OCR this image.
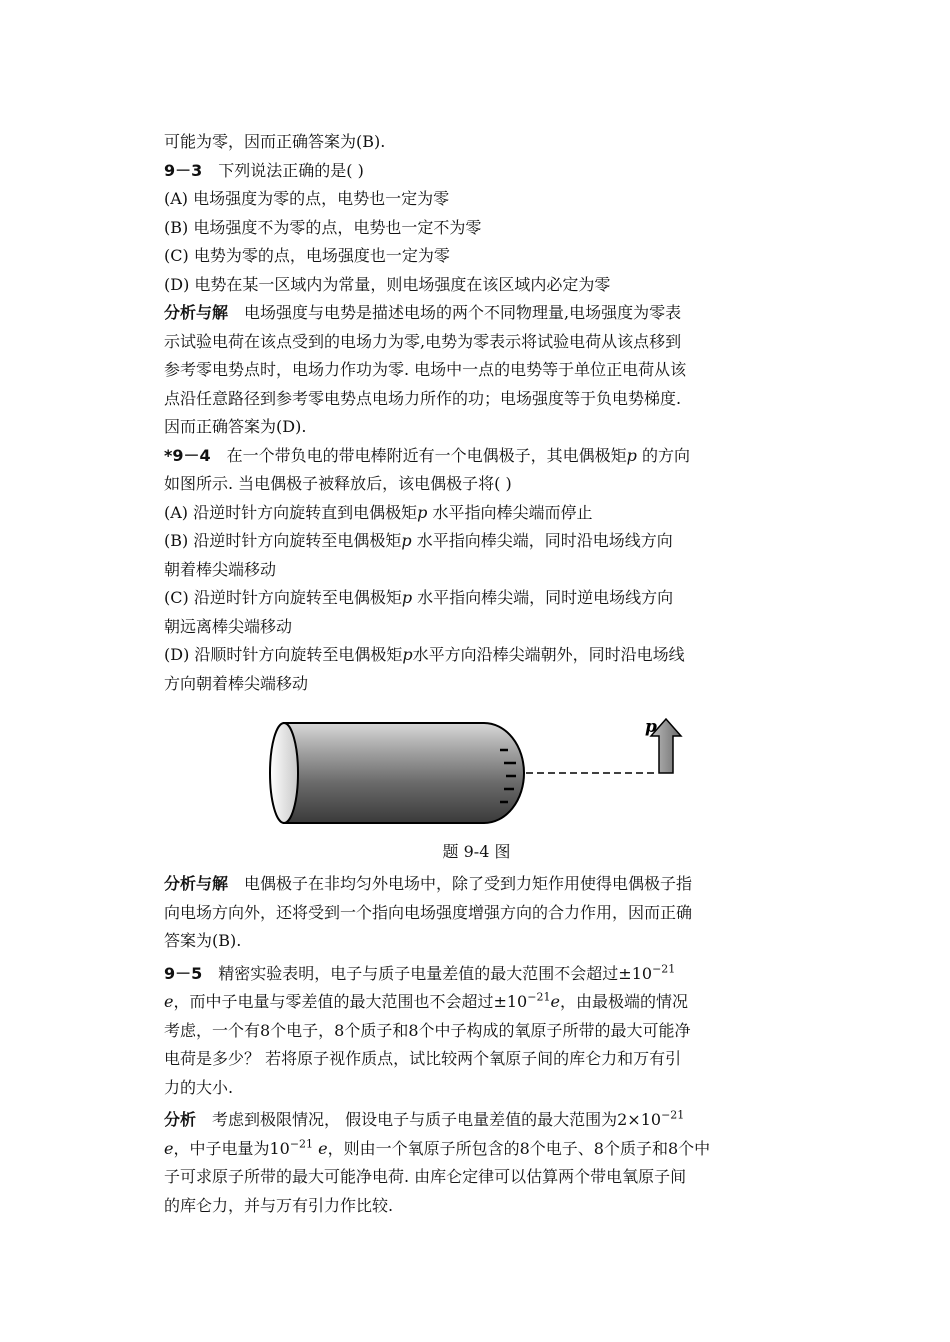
可能为零，因而正确答案为(B).

9－3 下列说法正确的是( )

(A) 电场强度为零的点，电势也一定为零

(B) 电场强度不为零的点，电势也一定不为零

(C) 电势为零的点，电场强度也一定为零

(D) 电势在某一区域内为常量，则电场强度在该区域内必定为零

分析与解 电场强度与电势是描述电场的两个不同物理量,电场强度为零表

示试验电荷在该点受到的电场力为零,电势为零表示将试验电荷从该点移到

参考零电势点时，电场力作功为零. 电场中一点的电势等于单位正电荷从该

点沿任意路径到参考零电势点电场力所作的功；电场强度等于负电势梯度.

因而正确答案为(D).

*9－4 在一个带负电的带电棒附近有一个电偶极子，其电偶极矩p 的方向

如图所示. 当电偶极子被释放后，该电偶极子将( )

(A) 沿逆时针方向旋转直到电偶极矩p 水平指向棒尖端而停止

(B) 沿逆时针方向旋转至电偶极矩p 水平指向棒尖端，同时沿电场线方向

朝着棒尖端移动

(C) 沿逆时针方向旋转至电偶极矩p 水平指向棒尖端，同时逆电场线方向

朝远离棒尖端移动

(D) 沿顺时针方向旋转至电偶极矩p水平方向沿棒尖端朝外，同时沿电场线

方向朝着棒尖端移动

p

题 9-4 图

分析与解 电偶极子在非均匀外电场中，除了受到力矩作用使得电偶极子指

向电场方向外，还将受到一个指向电场强度增强方向的合力作用，因而正确

答案为(B).

9－5 精密实验表明，电子与质子电量差值的最大范围不会超过$\pm 10^{-21}$

e，而中子电量与零差值的最大范围也不会超过$\pm 10^{-21}e$，由最极端的情况

考虑，一个有8个电子，8个质子和8个中子构成的氧原子所带的最大可能净

电荷是多少？ 若将原子视作质点，试比较两个氧原子间的库仑力和万有引

力的大小.

分析 考虑到极限情况， 假设电子与质子电量差值的最大范围为$2\times 10^{-21}$

e，中子电量为$10^{-21}$ e，则由一个氧原子所包含的8个电子、8个质子和8个中

子可求原子所带的最大可能净电荷. 由库仑定律可以估算两个带电氧原子间

的库仑力，并与万有引力作比较.
